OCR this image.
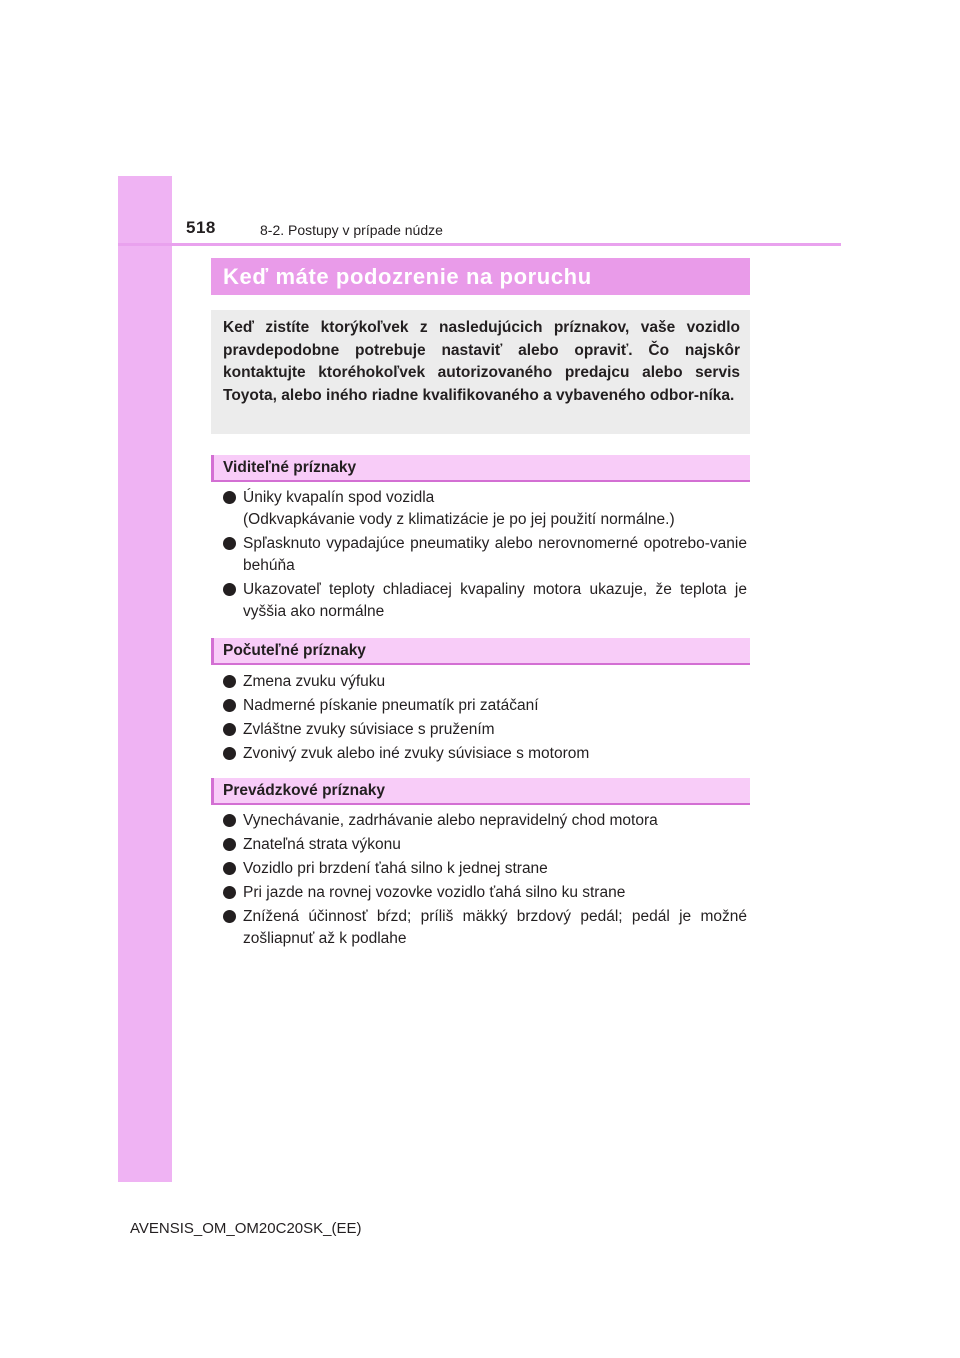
518	8-2. Postupy v prípade núdze
Keď máte podozrenie na poruchu
Keď zistíte ktorýkoľvek z nasledujúcich príznakov, vaše vozidlo pravdepodobne potrebuje nastaviť alebo opraviť. Čo najskôr kontaktujte ktoréhokoľvek autorizovaného predajcu alebo servis Toyota, alebo iného riadne kvalifikovaného a vybaveného odbor-níka.
Viditeľné príznaky
Úniky kvapalín spod vozidla
(Odkvapkávanie vody z klimatizácie je po jej použití normálne.)
Spľasknuto vypadajúce pneumatiky alebo nerovnomerné opotrebo-vanie behúňa
Ukazovateľ teploty chladiacej kvapaliny motora ukazuje, že teplota je vyššia ako normálne
Počuteľné príznaky
Zmena zvuku výfuku
Nadmerné pískanie pneumatík pri zatáčaní
Zvláštne zvuky súvisiace s pružením
Zvonivý zvuk alebo iné zvuky súvisiace s motorom
Prevádzkové príznaky
Vynechávanie, zadrhávanie alebo nepravidelný chod motora
Znateľná strata výkonu
Vozidlo pri brzdení ťahá silno k jednej strane
Pri jazde na rovnej vozovke vozidlo ťahá silno ku strane
Znížená účinnosť bŕzd; príliš mäkký brzdový pedál; pedál je možné zošliapnuť až k podlahe
AVENSIS_OM_OM20C20SK_(EE)
